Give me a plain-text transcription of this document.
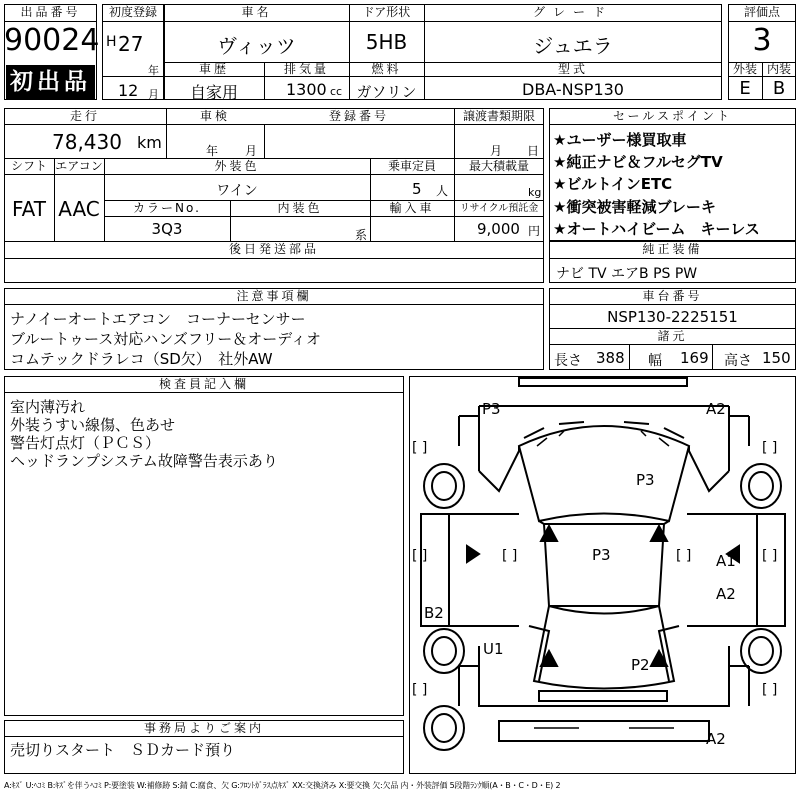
出品番号
90024
初出品
初度登録
H 27
年
12 月
車名
ヴィッツ
ドア形状
5HB
グレード
ジュエラ
車歴
自家用
排気量
1300 cc
燃料
ガソリン
型式
DBA-NSP130
評価点
3
外装 内装
E	B
走行
78,430 km
車検
年 月
登録番号	譲渡書類期限
月 日
シフト
FAT
エアコン
AAC
外装色
ワイン
乗車定員
5 人
最大積載量
kg
カラーNo.
3Q3
内装色
系
輸入車	リサイクル預託金
9,000 円
後日発送部品
セールスポイント
★ユーザー様買取車
★純正ナビ＆フルセグTV
★ビルトインETC
★衝突被害軽減ブレーキ
★オートハイビーム　キーレス
純正装備
ナビ TV エアB PS PW
注意事項欄
ナノイーオートエアコン　コーナーセンサー
ブルートゥース対応ハンズフリー＆オーディオ
コムテックドラレコ（SD欠）　社外AW
車台番号
NSP130-2225151
諸元
長さ 388 幅 169 高さ 150
検査員記入欄
室内薄汚れ
外装うすい線傷、色あせ
警告灯点灯（ＰＣＳ）
ヘッドランプシステム故障警告表示あり
事務局よりご案内
売切りスタート　ＳＤカード預り
[ ]	[ ]
[ ]	[ ]
[ ]	[ ]
[ ]	[ ]
P3	A2
P3
P3	A1
A2
B2
U1
P2
A2
A:ｷｽﾞ U:ﾍｺﾐ B:ｷｽﾞを伴うﾍｺﾐ P:要塗装 W:補修跡 S:錆 C:腐食、欠 G:ﾌﾛﾝﾄｶﾞﾗｽ点ｷｽﾞ XX:交換済み X:要交換 欠:欠品 内・外装評価 5段階ﾗﾝｸ順(A・B・C・D・E) 2
